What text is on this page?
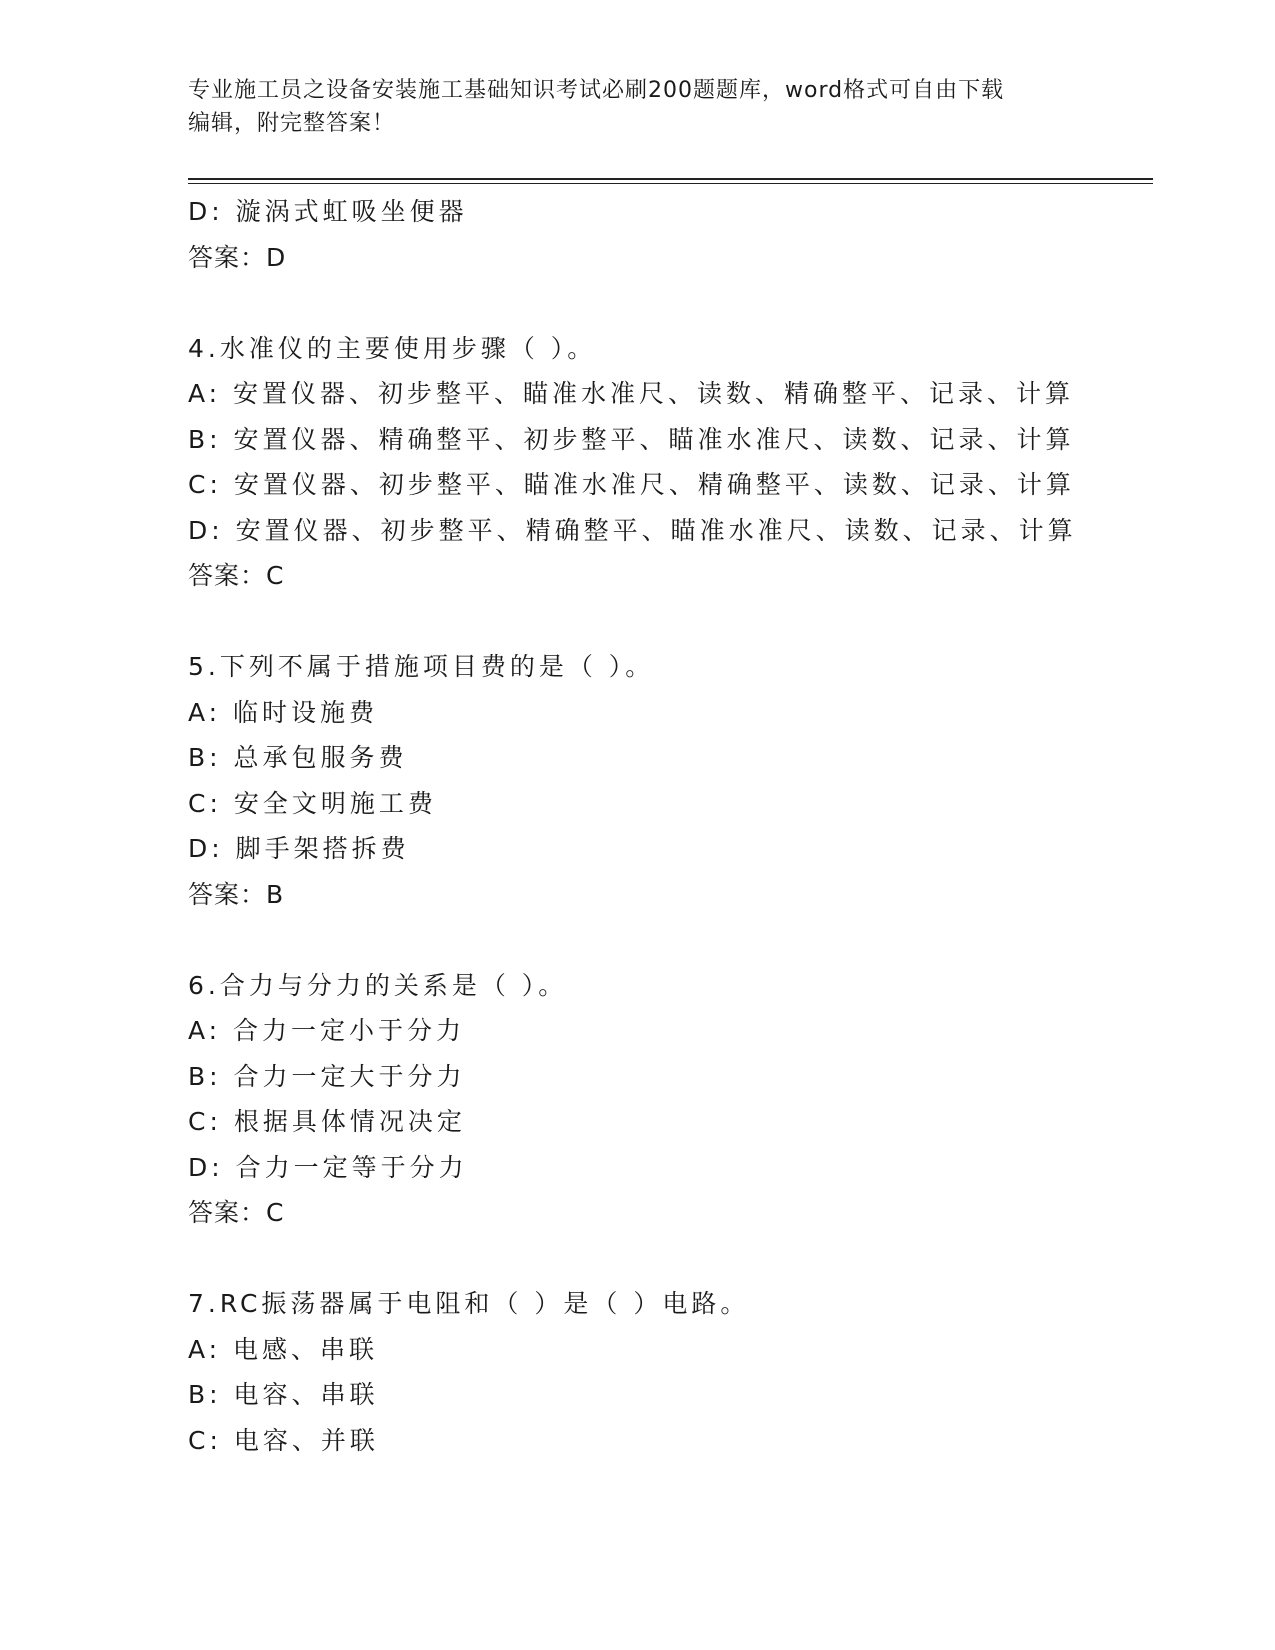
专业施工员之设备安装施工基础知识考试必刷200题题库，word格式可自由下载
编辑，附完整答案！
D: 漩涡式虹吸坐便器
答案：D
4.水准仪的主要使用步骤（ ）。
A: 安置仪器、初步整平、瞄准水准尺、读数、精确整平、记录、计算
B: 安置仪器、精确整平、初步整平、瞄准水准尺、读数、记录、计算
C: 安置仪器、初步整平、瞄准水准尺、精确整平、读数、记录、计算
D: 安置仪器、初步整平、精确整平、瞄准水准尺、读数、记录、计算
答案：C
5.下列不属于措施项目费的是（ ）。
A: 临时设施费
B: 总承包服务费
C: 安全文明施工费
D: 脚手架搭拆费
答案：B
6.合力与分力的关系是（ ）。
A: 合力一定小于分力
B: 合力一定大于分力
C: 根据具体情况决定
D: 合力一定等于分力
答案：C
7.RC振荡器属于电阻和（ ）是（ ）电路。
A: 电感、串联
B: 电容、串联
C: 电容、并联
